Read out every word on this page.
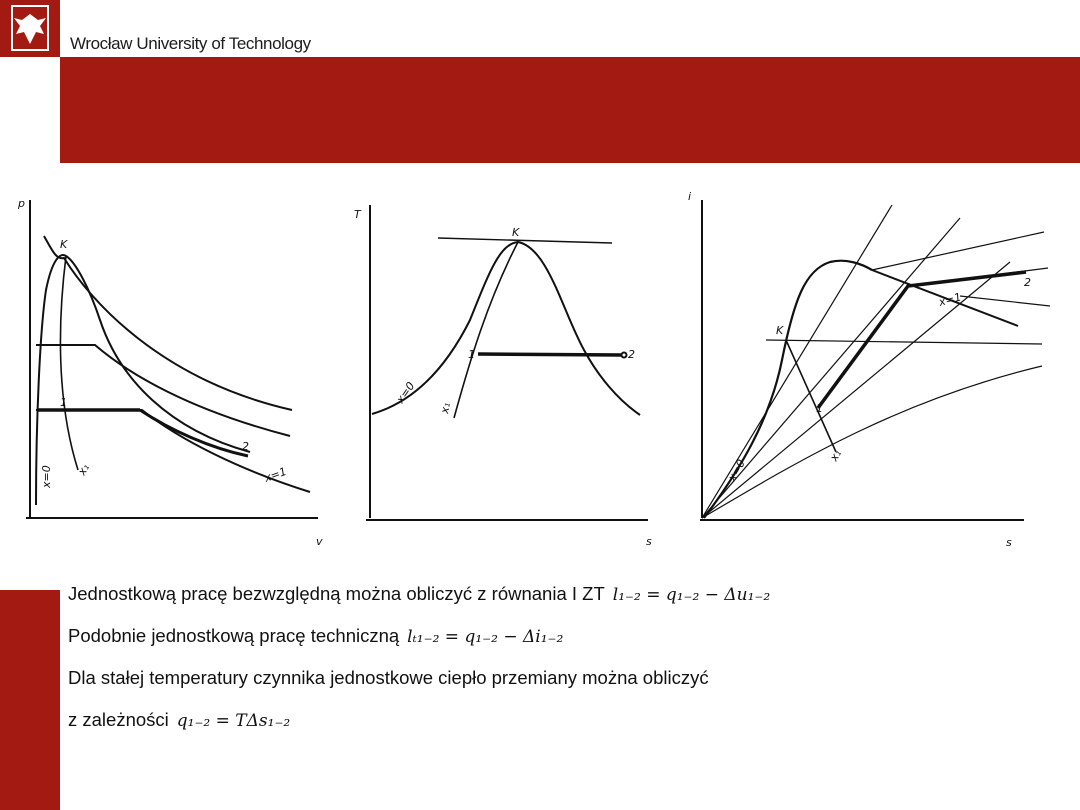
Wrocław University of Technology
p
v
K
1
2
x=0	x=1
x₁
T
s
K
1	2
x=0
x₁
i
s
K
1
2
x=0
x=1
x₁
Jednostkową pracę bezwzględną można obliczyć z równania I ZT l₁₋₂ = q₁₋₂ − Δu₁₋₂
Podobnie jednostkową pracę techniczną lₜ₁₋₂ = q₁₋₂ − Δi₁₋₂
Dla stałej temperatury czynnika jednostkowe ciepło przemiany można obliczyć
z zależności q₁₋₂ = TΔs₁₋₂
